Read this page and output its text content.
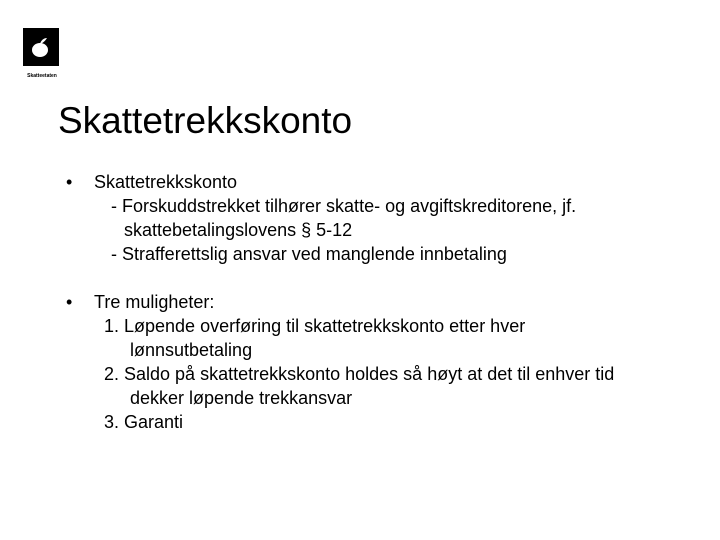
Skatteetaten
Skattetrekkskonto
• Skattetrekkskonto
- Forskuddstrekket tilhører skatte- og avgiftskreditorene, jf.
skattebetalingslovens § 5-12
- Strafferettslig ansvar ved manglende innbetaling
• Tre muligheter:
1. Løpende overføring til skattetrekkskonto etter hver
lønnsutbetaling
2. Saldo på skattetrekkskonto holdes så høyt at det til enhver tid
dekker løpende trekkansvar
3. Garanti
